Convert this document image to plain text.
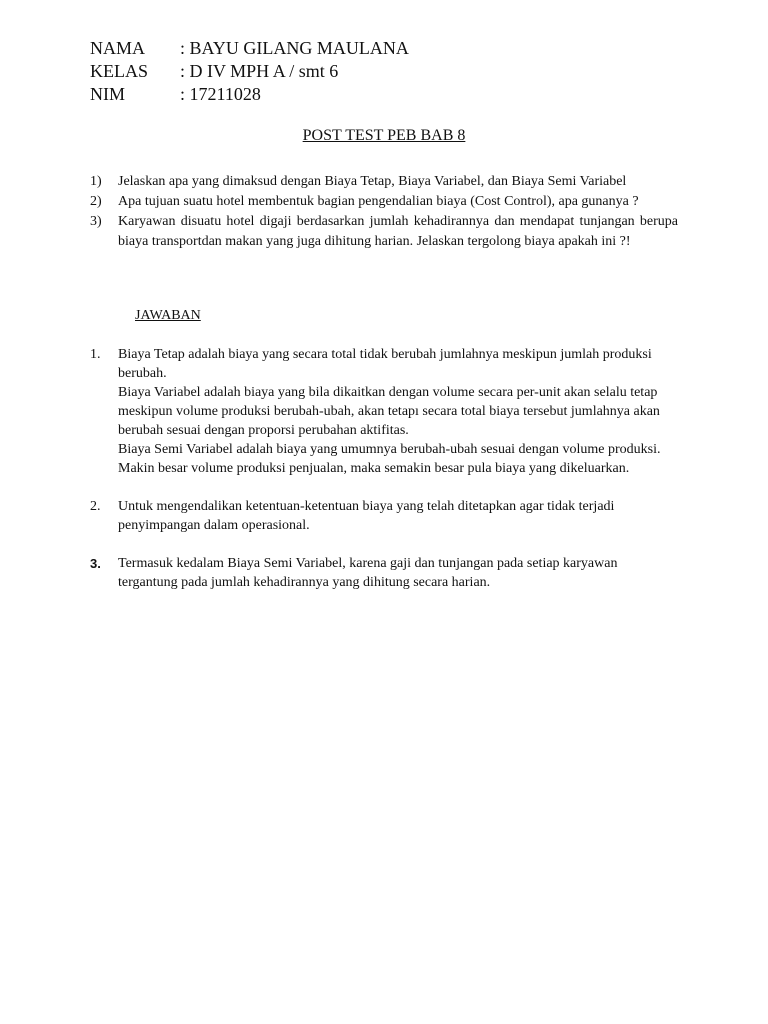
NAMA : BAYU GILANG MAULANA
KELAS : D IV MPH A / smt 6
NIM	: 17211028
POST TEST PEB BAB 8
1) Jelaskan apa yang dimaksud dengan Biaya Tetap, Biaya Variabel, dan Biaya Semi Variabel
2) Apa tujuan suatu hotel membentuk bagian pengendalian biaya (Cost Control), apa gunanya ?
3) Karyawan disuatu hotel digaji berdasarkan jumlah kehadirannya dan mendapat tunjangan berupa biaya transportdan makan yang juga dihitung harian. Jelaskan tergolong biaya apakah ini ?!
JAWABAN
1. Biaya Tetap adalah biaya yang secara total tidak berubah jumlahnya meskipun jumlah produksi berubah.

Biaya Variabel adalah biaya yang bila dikaitkan dengan volume secara per-unit akan selalu tetap meskipun volume produksi berubah-ubah, akan tetapı secara total biaya tersebut jumlahnya akan berubah sesuai dengan proporsi perubahan aktifitas.

Biaya Semi Variabel adalah biaya yang umumnya berubah-ubah sesuai dengan volume produksi. Makin besar volume produksi penjualan, maka semakin besar pula biaya yang dikeluarkan.

2. Untuk mengendalikan ketentuan-ketentuan biaya yang telah ditetapkan agar tidak terjadi penyimpangan dalam operasional.

3. Termasuk kedalam Biaya Semi Variabel, karena gaji dan tunjangan pada setiap karyawan tergantung pada jumlah kehadirannya yang dihitung secara harian.
